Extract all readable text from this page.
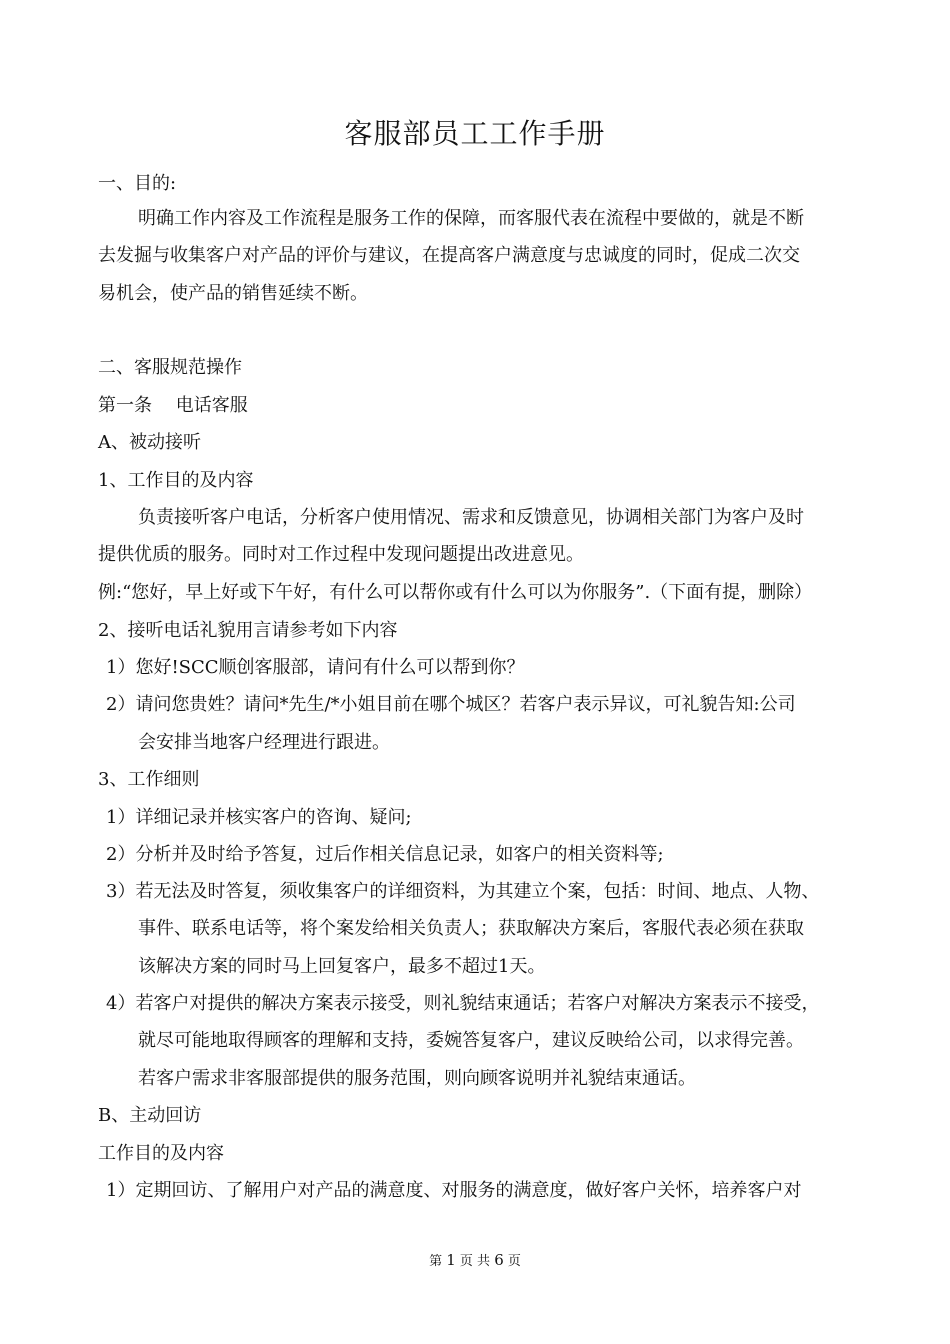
客服部员工工作手册
一、目的:
明确工作内容及工作流程是服务工作的保障，而客服代表在流程中要做的，就是不断
去发掘与收集客户对产品的评价与建议，在提高客户满意度与忠诚度的同时，促成二次交
易机会，使产品的销售延续不断。
二、客服规范操作
第一条　 电话客服
A、被动接听
1、工作目的及内容
负责接听客户电话，分析客户使用情况、需求和反馈意见，协调相关部门为客户及时
提供优质的服务。同时对工作过程中发现问题提出改进意见。
例:“您好，早上好或下午好，有什么可以帮你或有什么可以为你服务”.（下面有提，删除）
2、接听电话礼貌用言请参考如下内容
1）您好!SCC顺创客服部，请问有什么可以帮到你？
2）请问您贵姓？请问*先生/*小姐目前在哪个城区？若客户表示异议，可礼貌告知:公司
会安排当地客户经理进行跟进。
3、工作细则
1）详细记录并核实客户的咨询、疑问;
2）分析并及时给予答复，过后作相关信息记录，如客户的相关资料等;
3）若无法及时答复，须收集客户的详细资料，为其建立个案，包括：时间、地点、人物、
事件、联系电话等，将个案发给相关负责人；获取解决方案后，客服代表必须在获取
该解决方案的同时马上回复客户，最多不超过1天。
4）若客户对提供的解决方案表示接受，则礼貌结束通话；若客户对解决方案表示不接受，
就尽可能地取得顾客的理解和支持，委婉答复客户，建议反映给公司，以求得完善。
若客户需求非客服部提供的服务范围，则向顾客说明并礼貌结束通话。
B、主动回访
工作目的及内容
1）定期回访、了解用户对产品的满意度、对服务的满意度，做好客户关怀，培养客户对
第 1 页 共 6 页
